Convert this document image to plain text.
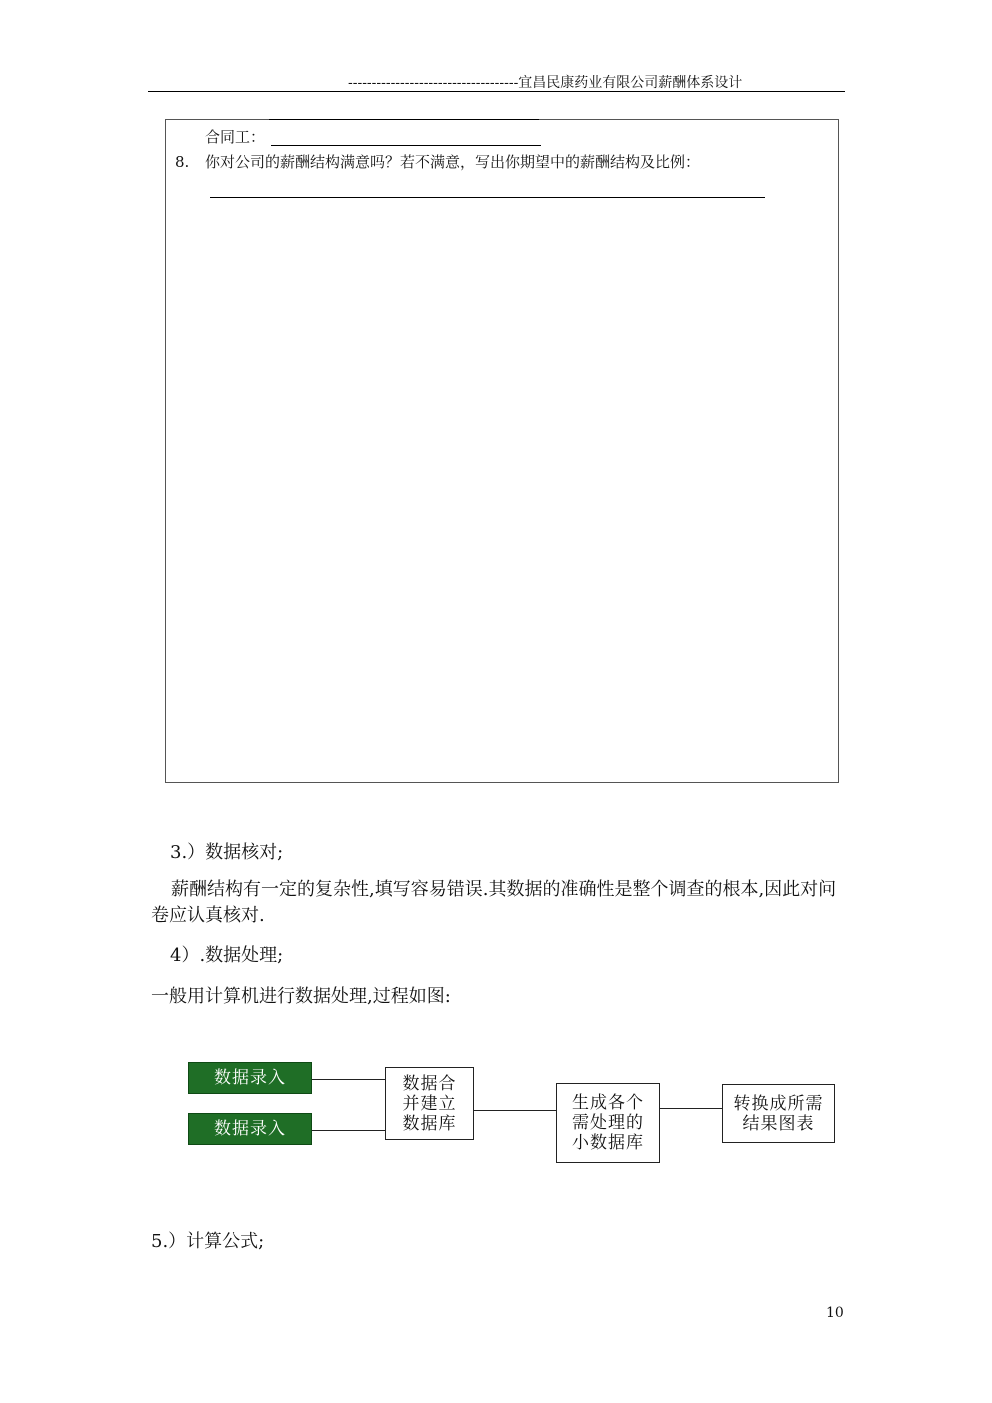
------------------------------------宜昌民康药业有限公司薪酬体系设计
合同工：
8. 你对公司的薪酬结构满意吗？若不满意，写出你期望中的薪酬结构及比例：
3.）数据核对;
薪酬结构有一定的复杂性,填写容易错误.其数据的准确性是整个调查的根本,因此对问卷应认真核对.
4）.数据处理;
一般用计算机进行数据处理,过程如图:
数据录入
数据录入
数据合
并建立
数据库
生成各个
需处理的
小数据库
转换成所需
结果图表
5.）计算公式;
10
